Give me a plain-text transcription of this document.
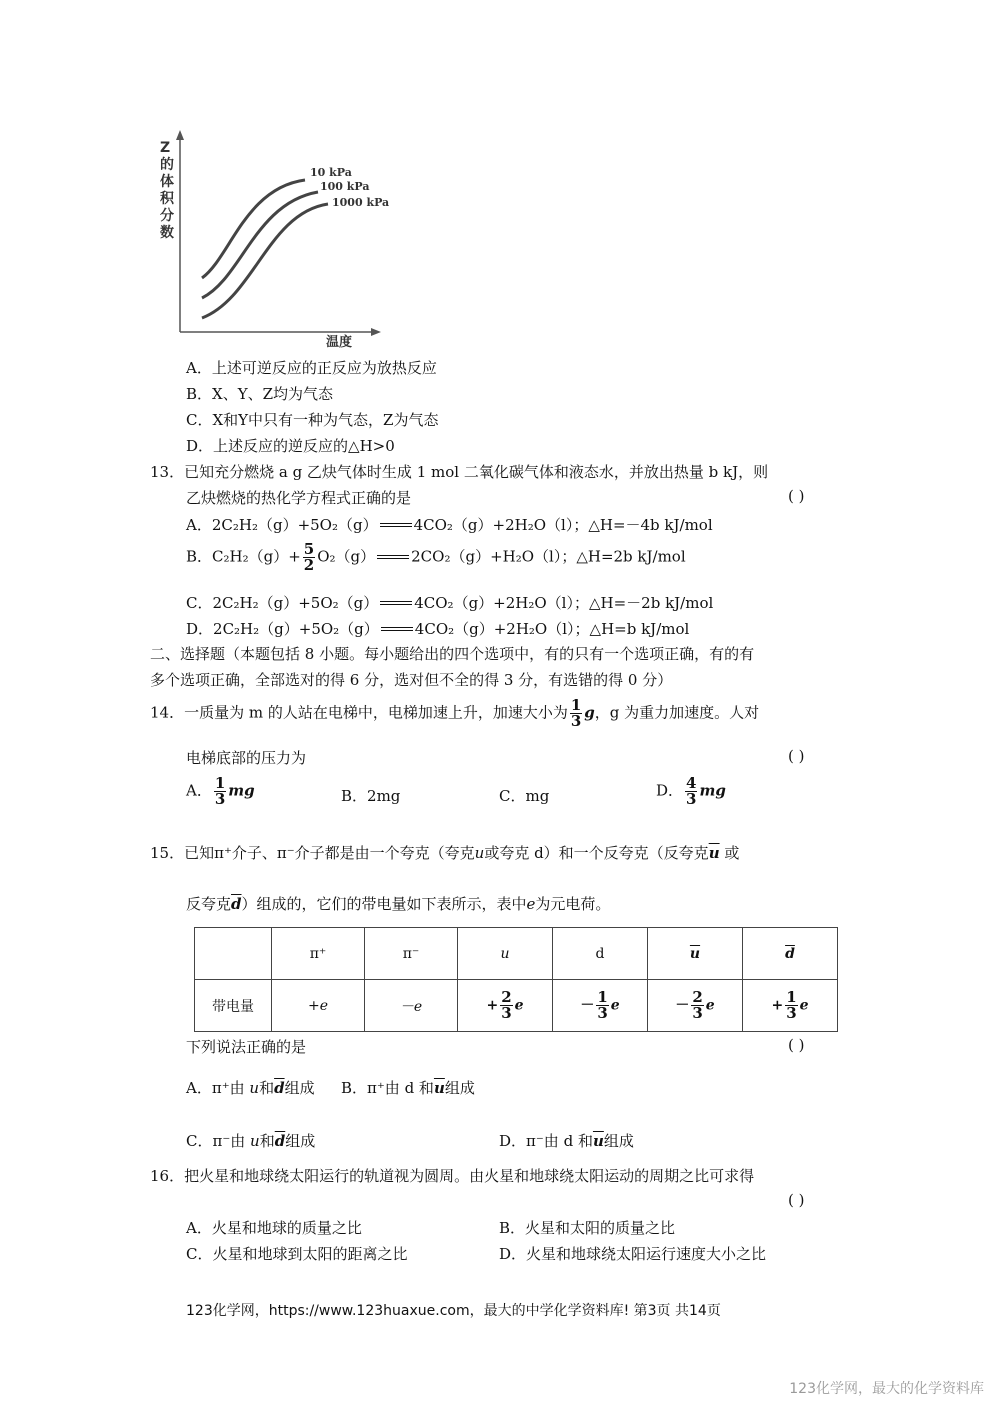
10 kPa
100 kPa
1000 kPa
温度
Z的体积分数
A．上述可逆反应的正反应为放热反应
B．X、Y、Z均为气态
C．X和Y中只有一种为气态，Z为气态
D．上述反应的逆反应的△H>0
13．已知充分燃烧 a g 乙炔气体时生成 1 mol 二氧化碳气体和液态水，并放出热量 b kJ，则
乙炔燃烧的热化学方程式正确的是	( )
A．2C₂H₂（g）+5O₂（g） 4CO₂（g）+2H₂O（l）；△H=－4b kJ/mol
B．$C_2H_2(g)+ \frac{5}{2} O_2(g)$ 2CO₂（g）+H₂O（l）；△H=2b kJ/mol
C．2C₂H₂（g）+5O₂（g） 4CO₂（g）+2H₂O（l）；△H=－2b kJ/mol
D．2C₂H₂（g）+5O₂（g） 4CO₂（g）+2H₂O（l）；△H=b kJ/mol
二、选择题（本题包括 8 小题。每小题给出的四个选项中，有的只有一个选项正确，有的有
多个选项正确，全部选对的得 6 分，选对但不全的得 3 分，有选错的得 0 分）
14．一质量为 m 的人站在电梯中，电梯加速上升，加速大小为 $\frac{1}{3}$ g，g 为重力加速度。人对
电梯底部的压力为	( )
A． $\frac{1}{3}$ mg	B．2mg	C．mg	D． $\frac{4}{3}$ mg
15．已知π⁺介子、π⁻介子都是由一个夸克（夸克u或夸克 d）和一个反夸克（反夸克$\overline{u}$ 或
反夸克$\overline{d}$）组成的，它们的带电量如下表所示，表中e为元电荷。
	π⁺	π⁻	u	d	$\overline{u}$	$\overline{d}$
带电量	+e	－e	+ $\frac{2}{3}$ e	－ $\frac{1}{3}$ e	－ $\frac{2}{3}$ e	+ $\frac{1}{3}$ e
下列说法正确的是	( )
A．π⁺由 u和$\overline{d}$组成 B．π⁺由 d 和$\overline{u}$组成
C．π⁻由 u和$\overline{d}$组成	D．π⁻由 d 和$\overline{u}$组成
16．把火星和地球绕太阳运行的轨道视为圆周。由火星和地球绕太阳运动的周期之比可求得
( )
A．火星和地球的质量之比	B．火星和太阳的质量之比
C．火星和地球到太阳的距离之比	D．火星和地球绕太阳运行速度大小之比
123化学网，https://www.123huaxue.com，最大的中学化学资料库! 第3页 共14页
123化学网，最大的化学资料库
